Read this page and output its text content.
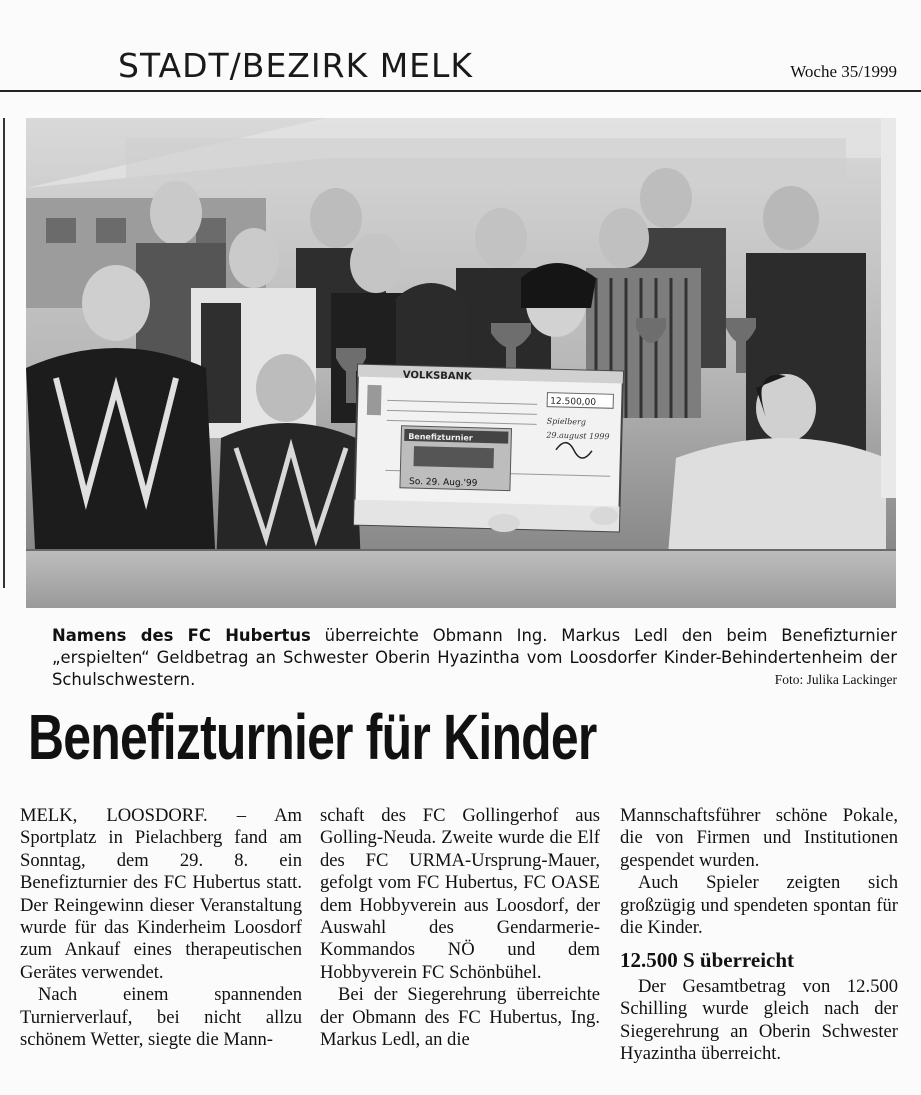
STADT/BEZIRK MELK	Woche 35/1999
VOLKSBANK
12.500,00
Spielberg
29.august 1999
Benefizturnier
So. 29. Aug.'99
Namens des FC Hubertus überreichte Obmann Ing. Markus Ledl den beim Benefizturnier „erspielten“ Geldbetrag an Schwester Oberin Hyazintha vom Loosdorfer Kinder-Behindertenheim der Schulschwestern.	Foto: Julika Lackinger
Benefizturnier für Kinder

MELK, LOOSDORF. – Am Sportplatz in Pielachberg fand am Sonntag, dem 29. 8. ein Benefizturnier des FC Hubertus statt. Der Reingewinn dieser Veranstaltung wurde für das Kinderheim Loosdorf zum Ankauf eines therapeutischen Gerätes verwendet.

Nach einem spannenden Turnierverlauf, bei nicht allzu schönem Wetter, siegte die Mann-

schaft des FC Gollingerhof aus Golling-Neuda. Zweite wurde die Elf des FC URMA-Ursprung-Mauer, gefolgt vom FC Hubertus, FC OASE dem Hobbyverein aus Loosdorf, der Auswahl des Gendarmerie-Kommandos NÖ und dem Hobbyverein FC Schönbühel.

Bei der Siegerehrung überreichte der Obmann des FC Hubertus, Ing. Markus Ledl, an die

Mannschaftsführer schöne Pokale, die von Firmen und Institutionen gespendet wurden.

Auch Spieler zeigten sich großzügig und spendeten spontan für die Kinder.

12.500 S überreicht

Der Gesamtbetrag von 12.500 Schilling wurde gleich nach der Siegerehrung an Oberin Schwester Hyazintha überreicht.
